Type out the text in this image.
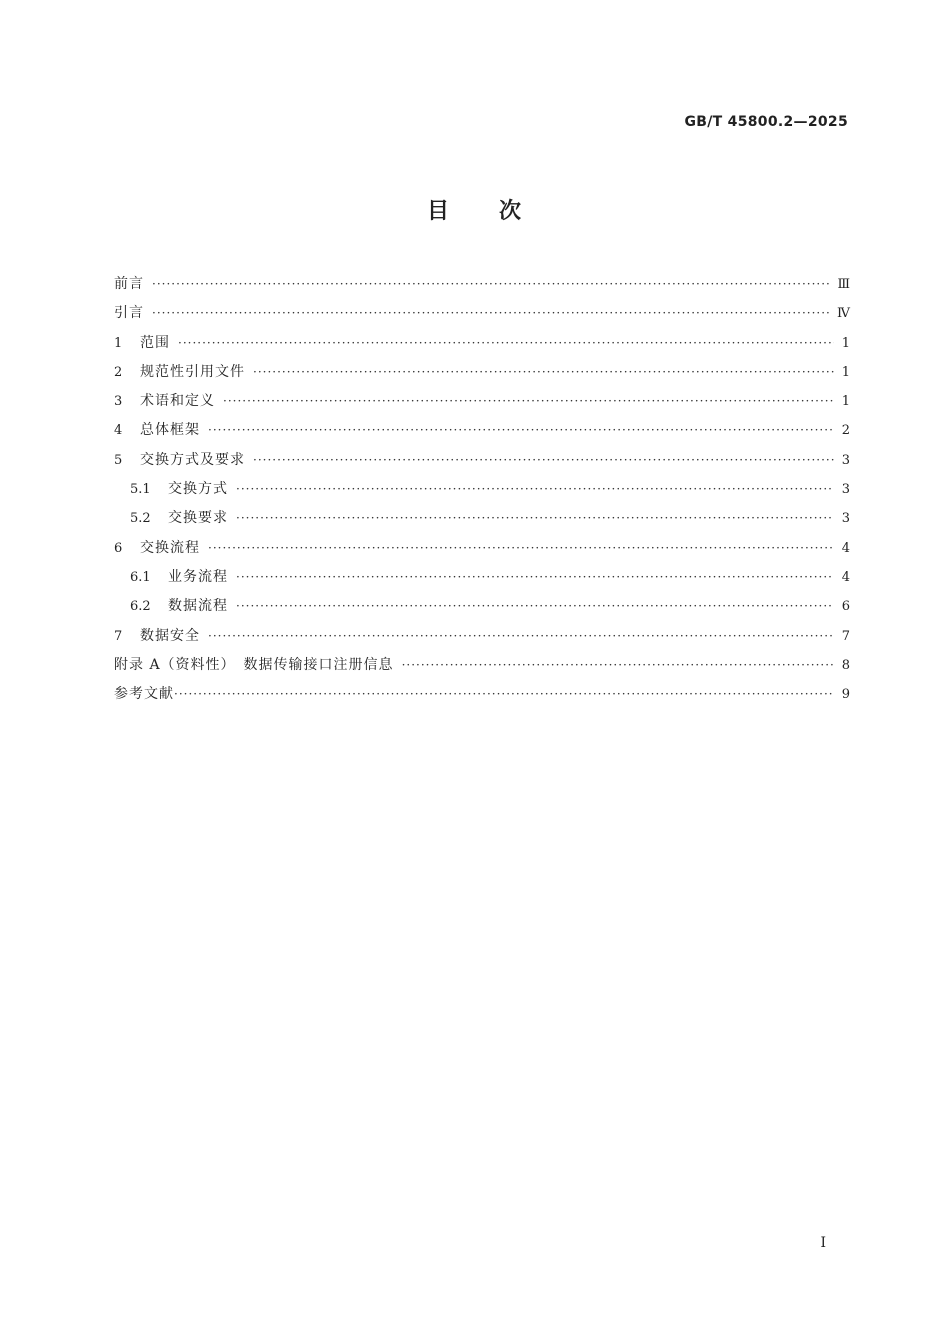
GB/T 45800.2—2025
目　　次
前言 ·····	Ⅲ
引言 ·····	Ⅳ
1	范围 ·····	1
2	规范性引用文件 ·····	1
3	术语和定义 ·····	1
4	总体框架 ·····	2
5	交换方式及要求 ·····	3
5.1	交换方式 ·····	3
5.2	交换要求 ·····	3
6	交换流程 ·····	4
6.1	业务流程 ·····	4
6.2	数据流程 ·····	6
7	数据安全 ·····	7
附录 A（资料性）　数据传输接口注册信息 ·····	8
参考文献 ·····	9
Ⅰ
